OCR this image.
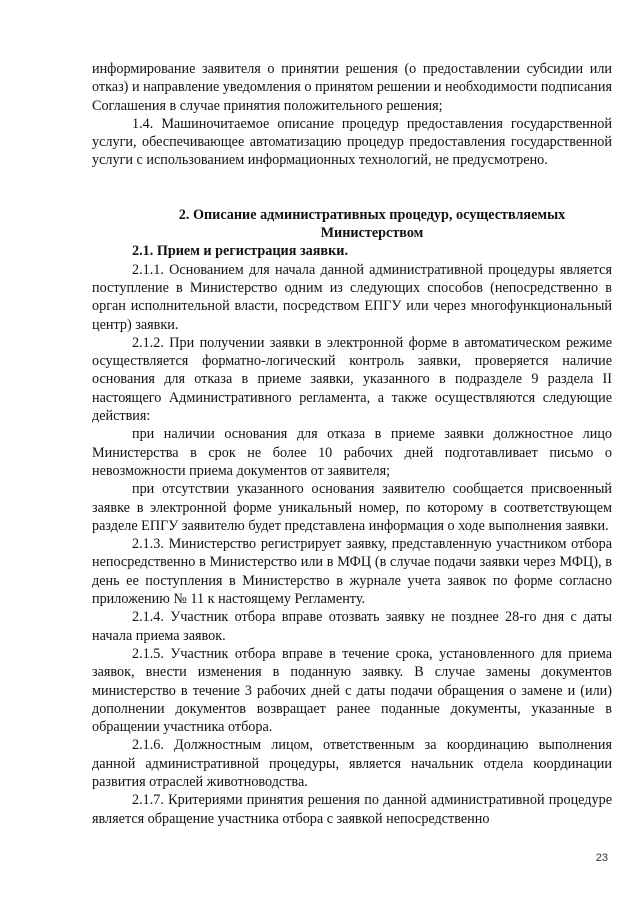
информирование заявителя о принятии решения (о предоставлении субсидии или отказ) и направление уведомления о принятом решении и необходимости подписания Соглашения в случае принятия положительного решения;

1.4. Машиночитаемое описание процедур предоставления государственной услуги, обеспечивающее автоматизацию процедур предоставления государственной услуги с использованием информационных технологий, не предусмотрено.

2. Описание административных процедур, осуществляемых Министерством

2.1. Прием и регистрация заявки.

2.1.1. Основанием для начала данной административной процедуры является поступление в Министерство одним из следующих способов (непосредственно в орган исполнительной власти, посредством ЕПГУ или через многофункциональный центр) заявки.

2.1.2. При получении заявки в электронной форме в автоматическом режиме осуществляется форматно-логический контроль заявки, проверяется наличие основания для отказа в приеме заявки, указанного в подразделе 9 раздела II настоящего Административного регламента, а также осуществляются следующие действия:

при наличии основания для отказа в приеме заявки должностное лицо Министерства в срок не более 10 рабочих дней подготавливает письмо о невозможности приема документов от заявителя;

при отсутствии указанного основания заявителю сообщается присвоенный заявке в электронной форме уникальный номер, по которому в соответствующем разделе ЕПГУ заявителю будет представлена информация о ходе выполнения заявки.

2.1.3. Министерство регистрирует заявку, представленную участником отбора непосредственно в Министерство или в МФЦ (в случае подачи заявки через МФЦ), в день ее поступления в Министерство в журнале учета заявок по форме согласно приложению № 11 к настоящему Регламенту.

2.1.4. Участник отбора вправе отозвать заявку не позднее 28-го дня с даты начала приема заявок.

2.1.5. Участник отбора вправе в течение срока, установленного для приема заявок, внести изменения в поданную заявку. В случае замены документов министерство в течение 3 рабочих дней с даты подачи обращения о замене и (или) дополнении документов возвращает ранее поданные документы, указанные в обращении участника отбора.

2.1.6. Должностным лицом, ответственным за координацию выполнения данной административной процедуры, является начальник отдела координации развития отраслей животноводства.

2.1.7. Критериями принятия решения по данной административной процедуре является обращение участника отбора с заявкой непосредственно

23
